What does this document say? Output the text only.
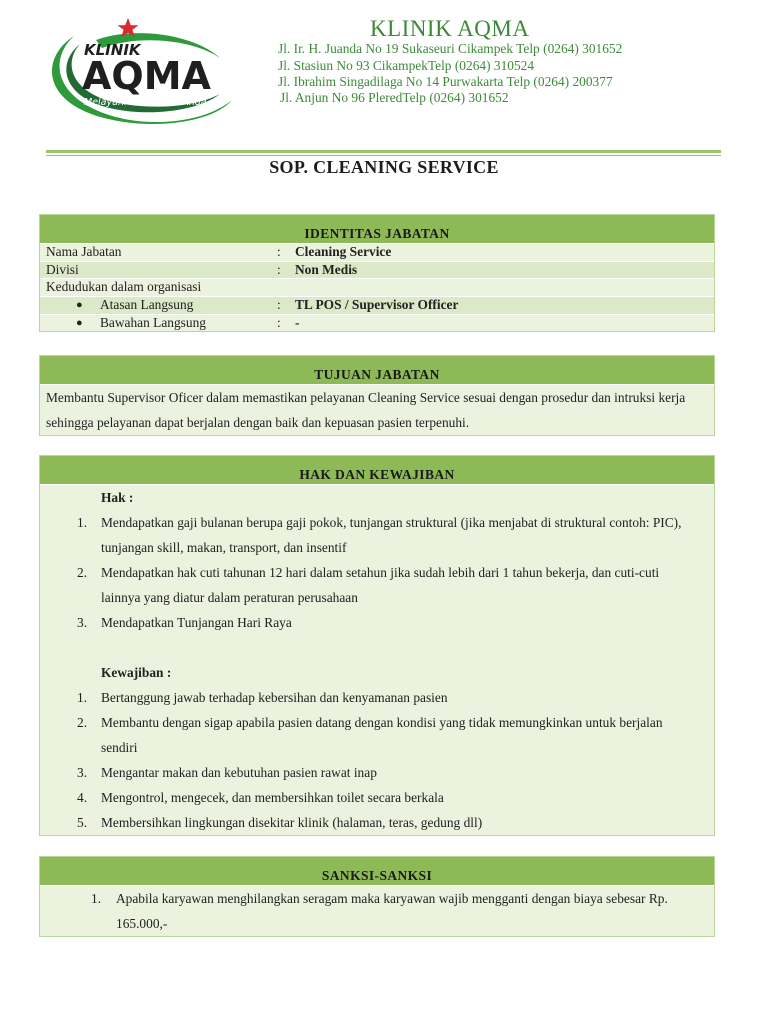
KLINIK
AQMA
Melayani kesehatan Anda
KLINIK AQMA

Jl. Ir. H. Juanda No 19 Sukaseuri Cikampek Telp (0264) 301652

Jl. Stasiun No 93 CikampekTelp (0264) 310524

Jl. Ibrahim Singadilaga No 14 Purwakarta Telp (0264) 200377

Jl. Anjun No 96 PleredTelp (0264) 301652

SOP. CLEANING SERVICE
IDENTITAS JABATAN
Nama Jabatan	: Cleaning Service
Divisi	: Non Medis
Kedudukan dalam organisasi
● Atasan Langsung	: TL POS / Supervisor Officer
● Bawahan Langsung	: -
TUJUAN JABATAN
Membantu Supervisor Oficer dalam memastikan pelayanan Cleaning Service sesuai dengan prosedur dan intruksi kerja sehingga pelayanan dapat berjalan dengan baik dan kepuasan pasien terpenuhi.
HAK DAN KEWAJIBAN
Hak :
1. Mendapatkan gaji bulanan berupa gaji pokok, tunjangan struktural (jika menjabat di struktural contoh: PIC), tunjangan skill, makan, transport, dan insentif
2. Mendapatkan hak cuti tahunan 12 hari dalam setahun jika sudah lebih dari 1 tahun bekerja, dan cuti-cuti lainnya yang diatur dalam peraturan perusahaan
3. Mendapatkan Tunjangan Hari Raya
Kewajiban :
1. Bertanggung jawab terhadap kebersihan dan kenyamanan pasien
2. Membantu dengan sigap apabila pasien datang dengan kondisi yang tidak memungkinkan untuk berjalan sendiri
3. Mengantar makan dan kebutuhan pasien rawat inap
4. Mengontrol, mengecek, dan membersihkan toilet secara berkala
5. Membersihkan lingkungan disekitar klinik (halaman, teras, gedung dll)
SANKSI-SANKSI
1. Apabila karyawan menghilangkan seragam maka karyawan wajib mengganti dengan biaya sebesar Rp. 165.000,-
